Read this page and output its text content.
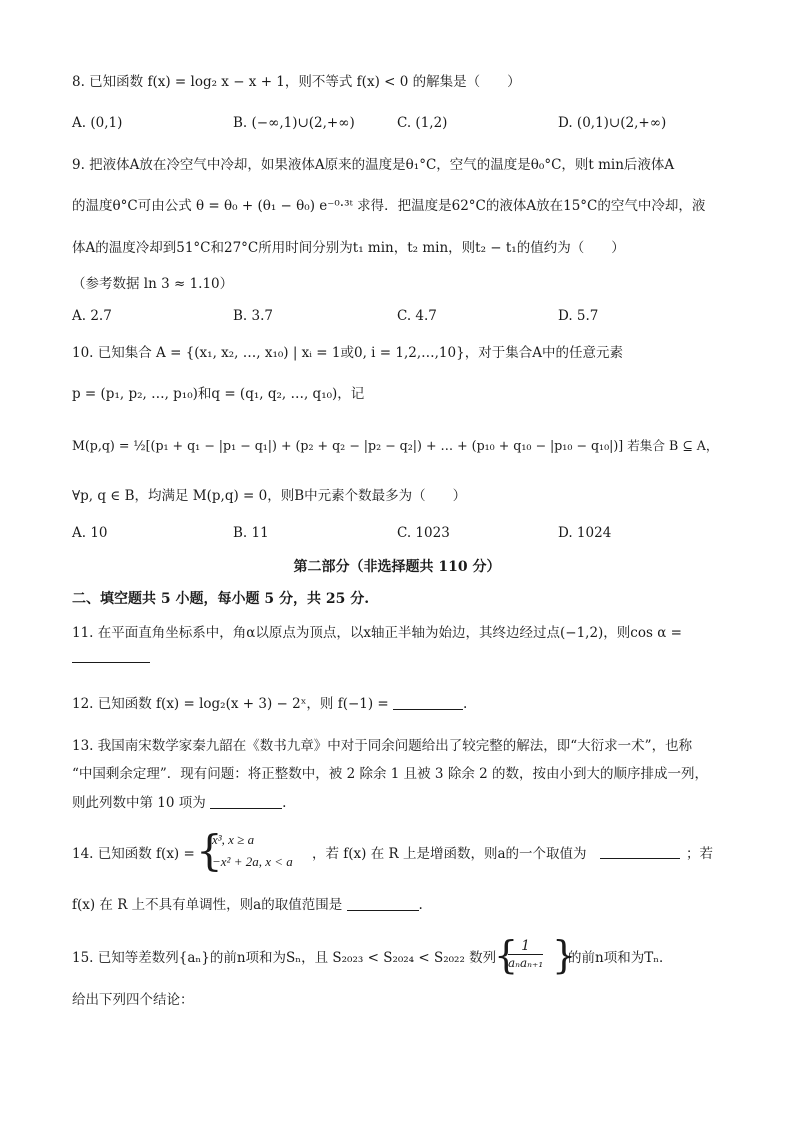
8. 已知函数 f(x) = log₂ x − x + 1，则不等式 f(x) < 0 的解集是（　　）
A. (0,1)	B. (−∞,1)∪(2,+∞)	C. (1,2)	D. (0,1)∪(2,+∞)
9. 把液体A放在冷空气中冷却，如果液体A原来的温度是θ₁°C，空气的温度是θ₀°C，则t min后液体A
的温度θ°C可由公式 θ = θ₀ + (θ₁ − θ₀) e⁻⁰·³ᵗ 求得．把温度是62°C的液体A放在15°C的空气中冷却，液
体A的温度冷却到51°C和27°C所用时间分别为t₁ min，t₂ min，则t₂ − t₁的值约为（　　）
（参考数据 ln 3 ≈ 1.10）
A. 2.7	B. 3.7	C. 4.7	D. 5.7
10. 已知集合 A = {(x₁, x₂, …, x₁₀) | xᵢ = 1或0, i = 1,2,…,10}，对于集合A中的任意元素
p = (p₁, p₂, …, p₁₀)和q = (q₁, q₂, …, q₁₀)，记
M(p,q) = ½[(p₁ + q₁ − |p₁ − q₁|) + (p₂ + q₂ − |p₂ − q₂|) + … + (p₁₀ + q₁₀ − |p₁₀ − q₁₀|)] 若集合 B ⊆ A，
∀p, q ∈ B，均满足 M(p,q) = 0，则B中元素个数最多为（　　）
A. 10	B. 11	C. 1023	D. 1024
第二部分（非选择题共 110 分）
二、填空题共 5 小题，每小题 5 分，共 25 分.
11. 在平面直角坐标系中，角α以原点为顶点，以x轴正半轴为始边，其终边经过点(−1,2)，则cos α =
12. 已知函数 f(x) = log₂(x + 3) − 2ˣ，则 f(−1) =	.
13. 我国南宋数学家秦九韶在《数书九章》中对于同余问题给出了较完整的解法，即“大衍求一术”，也称
“中国剩余定理”．现有问题：将正整数中，被 2 除余 1 且被 3 除余 2 的数，按由小到大的顺序排成一列，
则此列数中第 10 项为	.
14. 已知函数 f(x) = {
x³, x ≥ a
−x² + 2a, x < a ，若 f(x) 在 R 上是增函数，则a的一个取值为	；若
f(x) 在 R 上不具有单调性，则a的取值范围是	.
15. 已知等差数列{aₙ}的前n项和为Sₙ，且 S₂₀₂₃ < S₂₀₂₄ < S₂₀₂₂ 数列
{ 1
aₙaₙ₊₁ }
的前n项和为Tₙ．
给出下列四个结论：
